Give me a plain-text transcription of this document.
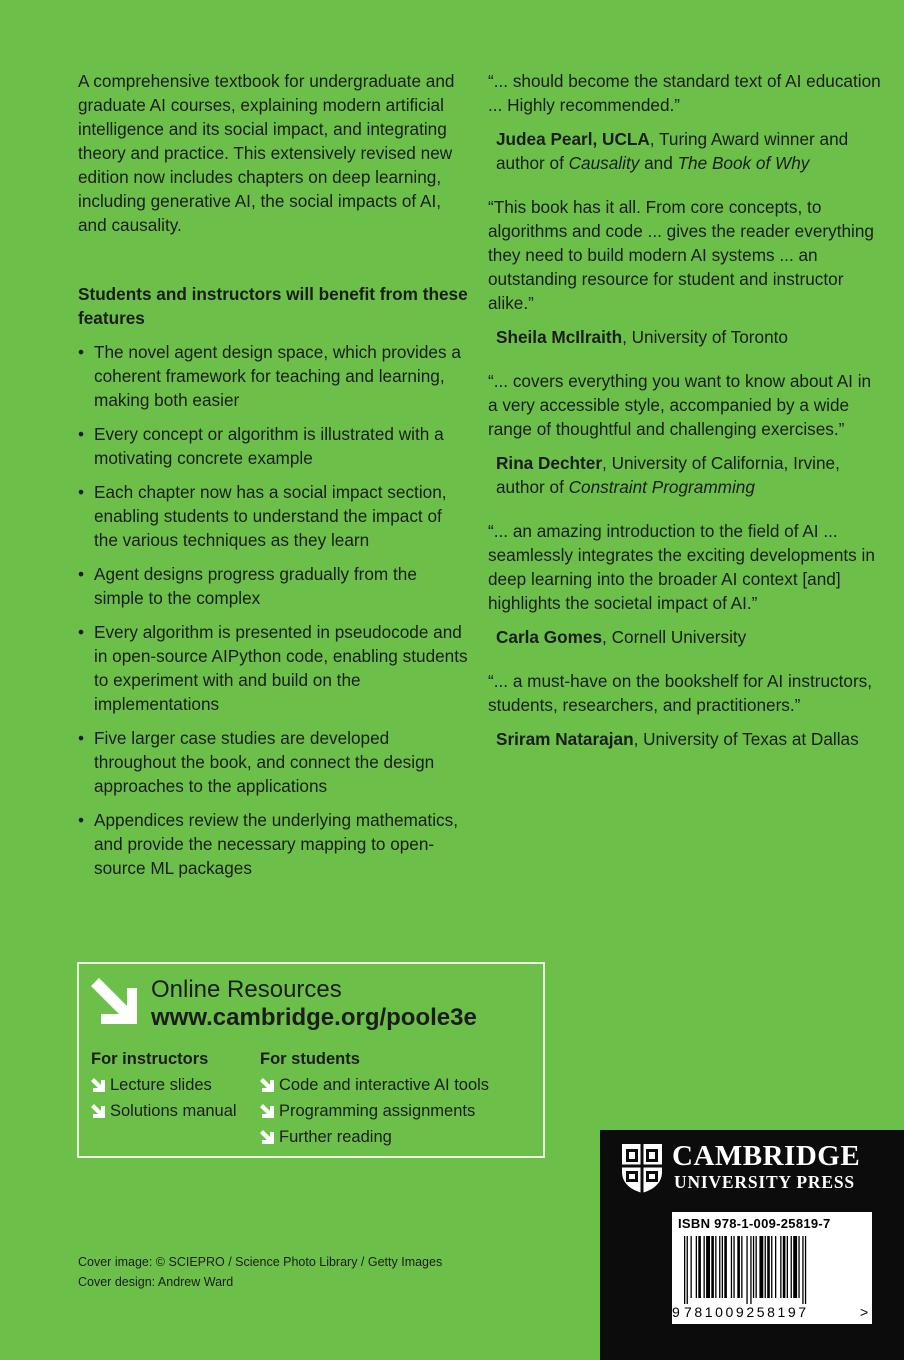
A comprehensive textbook for undergraduate and graduate AI courses, explaining modern artificial intelligence and its social impact, and integrating theory and practice. This extensively revised new edition now includes chapters on deep learning, including generative AI, the social impacts of AI, and causality.

Students and instructors will benefit from these features
• The novel agent design space, which provides a coherent framework for teaching and learning, making both easier
• Every concept or algorithm is illustrated with a motivating concrete example
• Each chapter now has a social impact section, enabling students to understand the impact of the various techniques as they learn
• Agent designs progress gradually from the simple to the complex
• Every algorithm is presented in pseudocode and in open-source AIPython code, enabling students to experiment with and build on the implementations
• Five larger case studies are developed throughout the book, and connect the design approaches to the applications
• Appendices review the underlying mathematics, and provide the necessary mapping to open-source ML packages

“... should become the standard text of AI education ... Highly recommended.”

Judea Pearl, UCLA, Turing Award winner and author of Causality and The Book of Why

“This book has it all. From core concepts, to algorithms and code ... gives the reader everything they need to build modern AI systems ... an outstanding resource for student and instructor alike.”

Sheila McIlraith, University of Toronto

“... covers everything you want to know about AI in a very accessible style, accompanied by a wide range of thoughtful and challenging exercises.”

Rina Dechter, University of California, Irvine, author of Constraint Programming

“... an amazing introduction to the field of AI ... seamlessly integrates the exciting developments in deep learning into the broader AI context [and] highlights the societal impact of AI.”

Carla Gomes, Cornell University

“... a must-have on the bookshelf for AI instructors, students, researchers, and practitioners.”

Sriram Natarajan, University of Texas at Dallas

Online Resources
www.cambridge.org/poole3e
For instructors
Lecture slides
Solutions manual
For students
Code and interactive AI tools
Programming assignments
Further reading
Cover image: © SCIEPRO / Science Photo Library / Getty Images
Cover design: Andrew Ward
CAMBRIDGE
UNIVERSITY PRESS
ISBN 978-1-009-25819-7
9 781009258197	>
